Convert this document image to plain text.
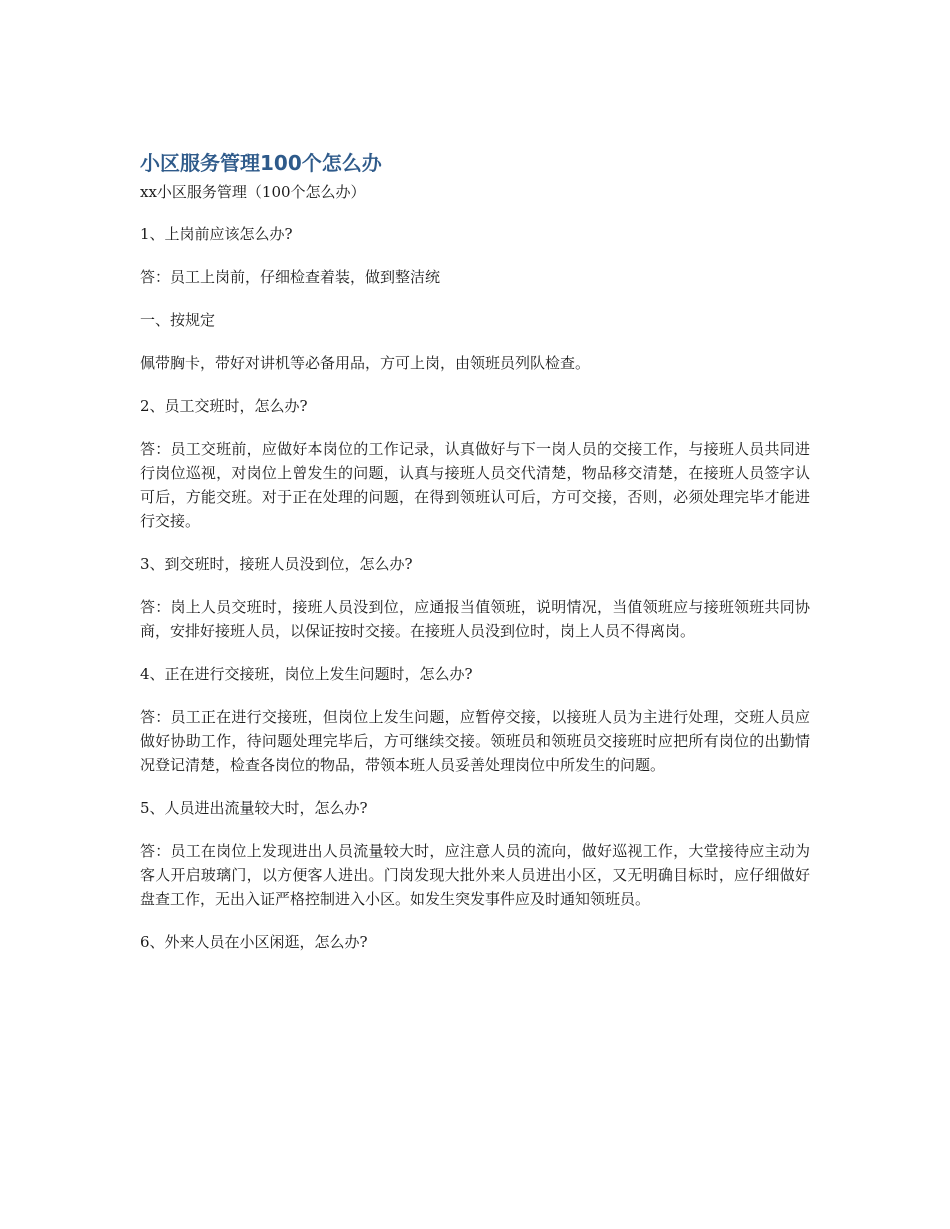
小区服务管理100个怎么办

xx小区服务管理（100个怎么办）

1、上岗前应该怎么办?

答：员工上岗前，仔细检查着装，做到整洁统

一、按规定

佩带胸卡，带好对讲机等必备用品，方可上岗，由领班员列队检查。

2、员工交班时，怎么办?

答：员工交班前，应做好本岗位的工作记录，认真做好与下一岗人员的交接工作，与接班人员共同进行岗位巡视，对岗位上曾发生的问题，认真与接班人员交代清楚，物品移交清楚，在接班人员签字认可后，方能交班。对于正在处理的问题，在得到领班认可后，方可交接，否则，必须处理完毕才能进行交接。

3、到交班时，接班人员没到位，怎么办?

答：岗上人员交班时，接班人员没到位，应通报当值领班，说明情况，当值领班应与接班领班共同协商，安排好接班人员，以保证按时交接。在接班人员没到位时，岗上人员不得离岗。

4、正在进行交接班，岗位上发生问题时，怎么办?

答：员工正在进行交接班，但岗位上发生问题，应暂停交接，以接班人员为主进行处理，交班人员应做好协助工作，待问题处理完毕后，方可继续交接。领班员和领班员交接班时应把所有岗位的出勤情况登记清楚，检查各岗位的物品，带领本班人员妥善处理岗位中所发生的问题。

5、人员进出流量较大时，怎么办?

答：员工在岗位上发现进出人员流量较大时，应注意人员的流向，做好巡视工作，大堂接待应主动为客人开启玻璃门，以方便客人进出。门岗发现大批外来人员进出小区，又无明确目标时，应仔细做好盘查工作，无出入证严格控制进入小区。如发生突发事件应及时通知领班员。

6、外来人员在小区闲逛，怎么办?
